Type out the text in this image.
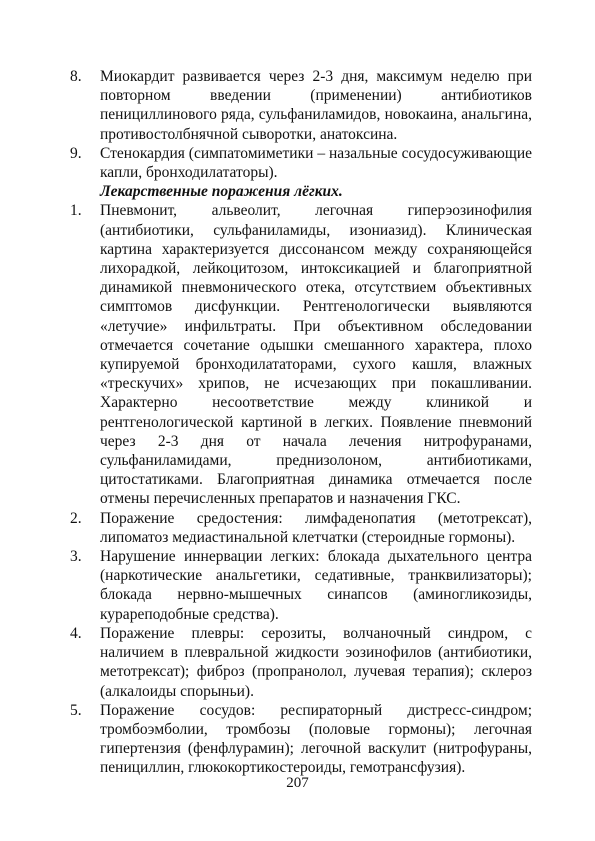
8.	Миокардит развивается через 2-3 дня, максимум неделю при повторном введении (применении) антибиотиков пенициллинового ряда, сульфаниламидов, новокаина, анальгина, противостолбнячной сыворотки, анатоксина.

9.	Стенокардия (симпатомиметики – назальные сосудосуживающие капли, бронходилататоры).

Лекарственные поражения лёгких.

1.	Пневмонит, альвеолит, легочная гиперэозинофилия (антибиотики, сульфаниламиды, изониазид). Клиническая картина характеризуется диссонансом между сохраняющейся лихорадкой, лейкоцитозом, интоксикацией и благоприятной динамикой пневмонического отека, отсутствием объективных симптомов дисфункции. Рентгенологически выявляются «летучие» инфильтраты. При объективном обследовании отмечается сочетание одышки смешанного характера, плохо купируемой бронходилататорами, сухого кашля, влажных «трескучих» хрипов, не исчезающих при покашливании. Характерно несоответствие между клиникой и рентгенологической картиной в легких. Появление пневмоний через 2-3 дня от начала лечения нитрофуранами, сульфаниламидами, преднизолоном, антибиотиками, цитостатиками. Благоприятная динамика отмечается после отмены перечисленных препаратов и назначения ГКС.

2.	Поражение средостения: лимфаденопатия (метотрексат), липоматоз медиастинальной клетчатки (стероидные гормоны).

3.	Нарушение иннервации легких: блокада дыхательного центра (наркотические анальгетики, седативные, транквилизаторы); блокада нервно-мышечных синапсов (аминогликозиды, курареподобные средства).

4.	Поражение плевры: серозиты, волчаночный синдром, с наличием в плевральной жидкости эозинофилов (антибиотики, метотрексат); фиброз (пропранолол, лучевая терапия); склероз (алкалоиды спорыньи).

5.	Поражение сосудов: респираторный дистресс-синдром; тромбоэмболии, тромбозы (половые гормоны); легочная гипертензия (фенфлурамин); легочной васкулит (нитрофураны, пенициллин, глюкокортикостероиды, гемотрансфузия).

207
